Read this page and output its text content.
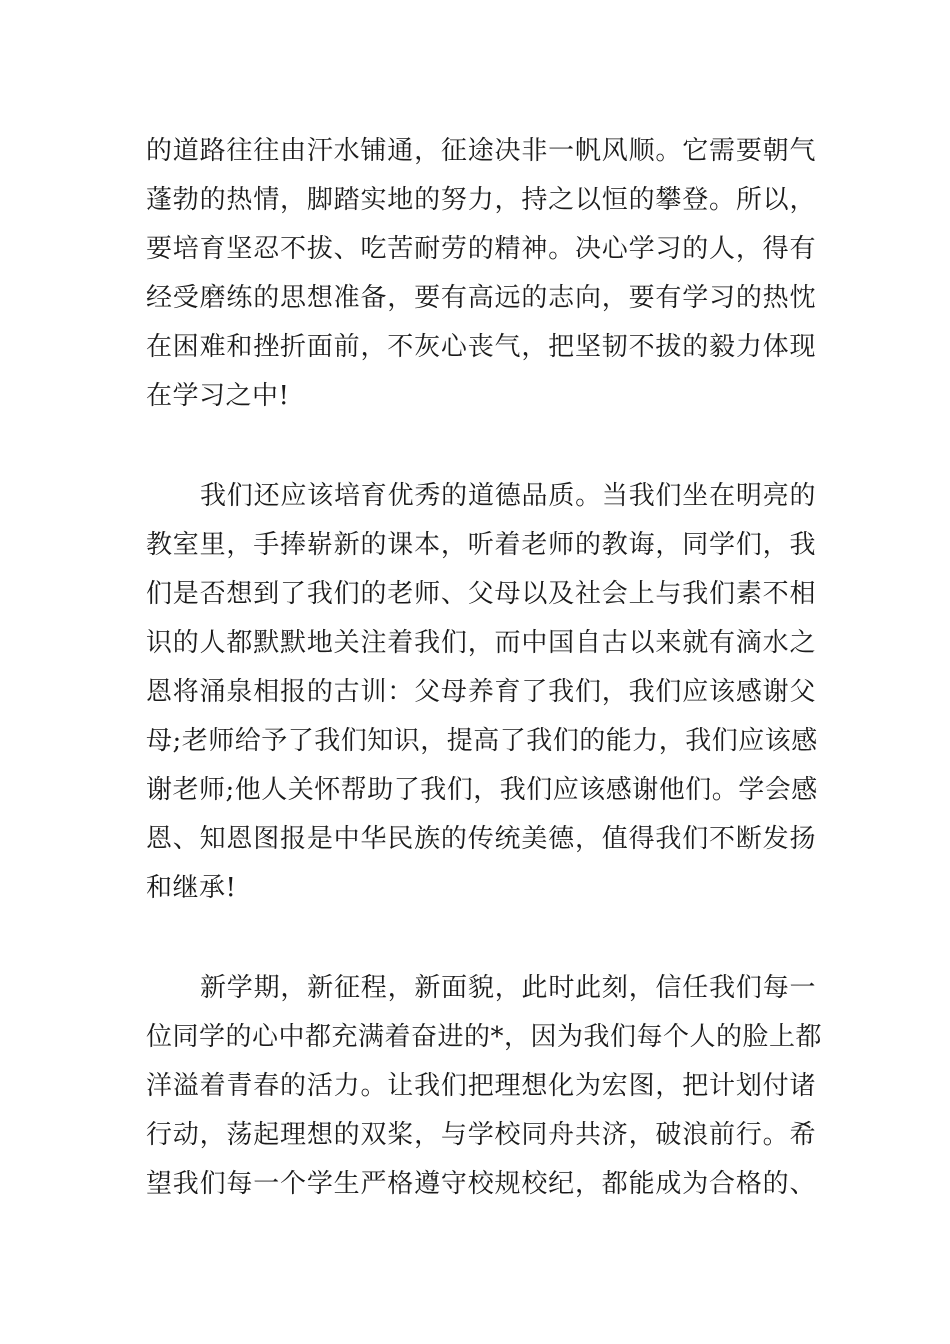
的道路往往由汗水铺通，征途决非一帆风顺。它需要朝气
蓬勃的热情，脚踏实地的努力，持之以恒的攀登。所以，
要培育坚忍不拔、吃苦耐劳的精神。决心学习的人，得有
经受磨练的思想准备，要有高远的志向，要有学习的热忱
在困难和挫折面前，不灰心丧气，把坚韧不拔的毅力体现
在学习之中!
我们还应该培育优秀的道德品质。当我们坐在明亮的
教室里，手捧崭新的课本，听着老师的教诲，同学们，我
们是否想到了我们的老师、父母以及社会上与我们素不相
识的人都默默地关注着我们，而中国自古以来就有滴水之
恩将涌泉相报的古训：父母养育了我们，我们应该感谢父
母;老师给予了我们知识，提高了我们的能力，我们应该感
谢老师;他人关怀帮助了我们，我们应该感谢他们。学会感
恩、知恩图报是中华民族的传统美德，值得我们不断发扬
和继承!
新学期，新征程，新面貌，此时此刻，信任我们每一
位同学的心中都充满着奋进的*，因为我们每个人的脸上都
洋溢着青春的活力。让我们把理想化为宏图，把计划付诸
行动，荡起理想的双桨，与学校同舟共济，破浪前行。希
望我们每一个学生严格遵守校规校纪，都能成为合格的、
